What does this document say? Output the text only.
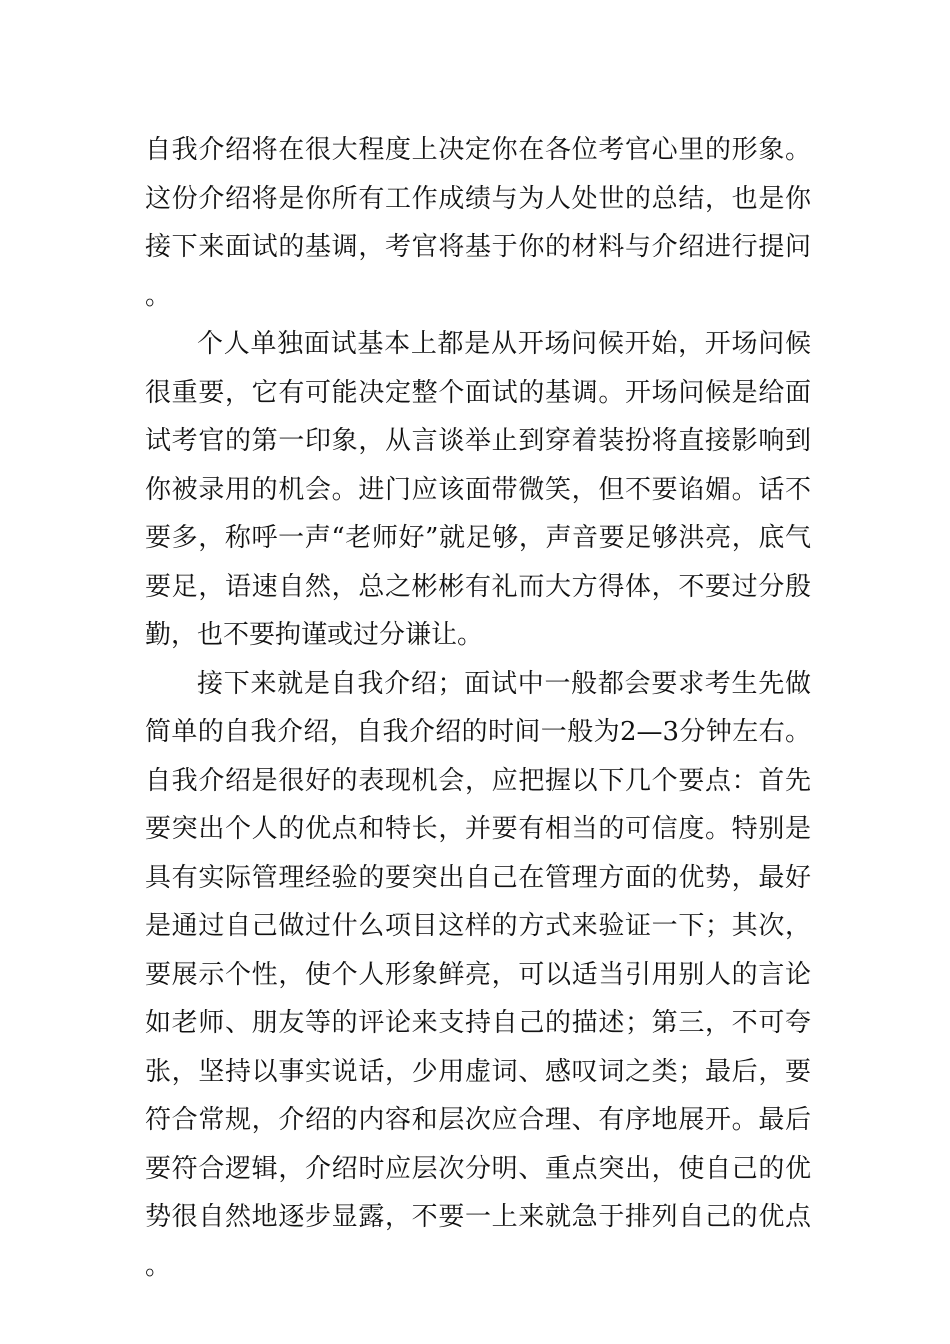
自我介绍将在很大程度上决定你在各位考官心里的形象。这份介绍将是你所有工作成绩与为人处世的总结，也是你接下来面试的基调，考官将基于你的材料与介绍进行提问。

个人单独面试基本上都是从开场问候开始，开场问候很重要，它有可能决定整个面试的基调。开场问候是给面试考官的第一印象，从言谈举止到穿着装扮将直接影响到你被录用的机会。进门应该面带微笑，但不要谄媚。话不要多，称呼一声“老师好”就足够，声音要足够洪亮，底气要足，语速自然，总之彬彬有礼而大方得体，不要过分殷勤，也不要拘谨或过分谦让。

接下来就是自我介绍；面试中一般都会要求考生先做简单的自我介绍，自我介绍的时间一般为2—3分钟左右。自我介绍是很好的表现机会，应把握以下几个要点：首先要突出个人的优点和特长，并要有相当的可信度。特别是具有实际管理经验的要突出自己在管理方面的优势，最好是通过自己做过什么项目这样的方式来验证一下；其次，要展示个性，使个人形象鲜亮，可以适当引用别人的言论如老师、朋友等的评论来支持自己的描述；第三，不可夸张，坚持以事实说话，少用虚词、感叹词之类；最后，要符合常规，介绍的内容和层次应合理、有序地展开。最后要符合逻辑，介绍时应层次分明、重点突出，使自己的优势很自然地逐步显露，不要一上来就急于排列自己的优点。
